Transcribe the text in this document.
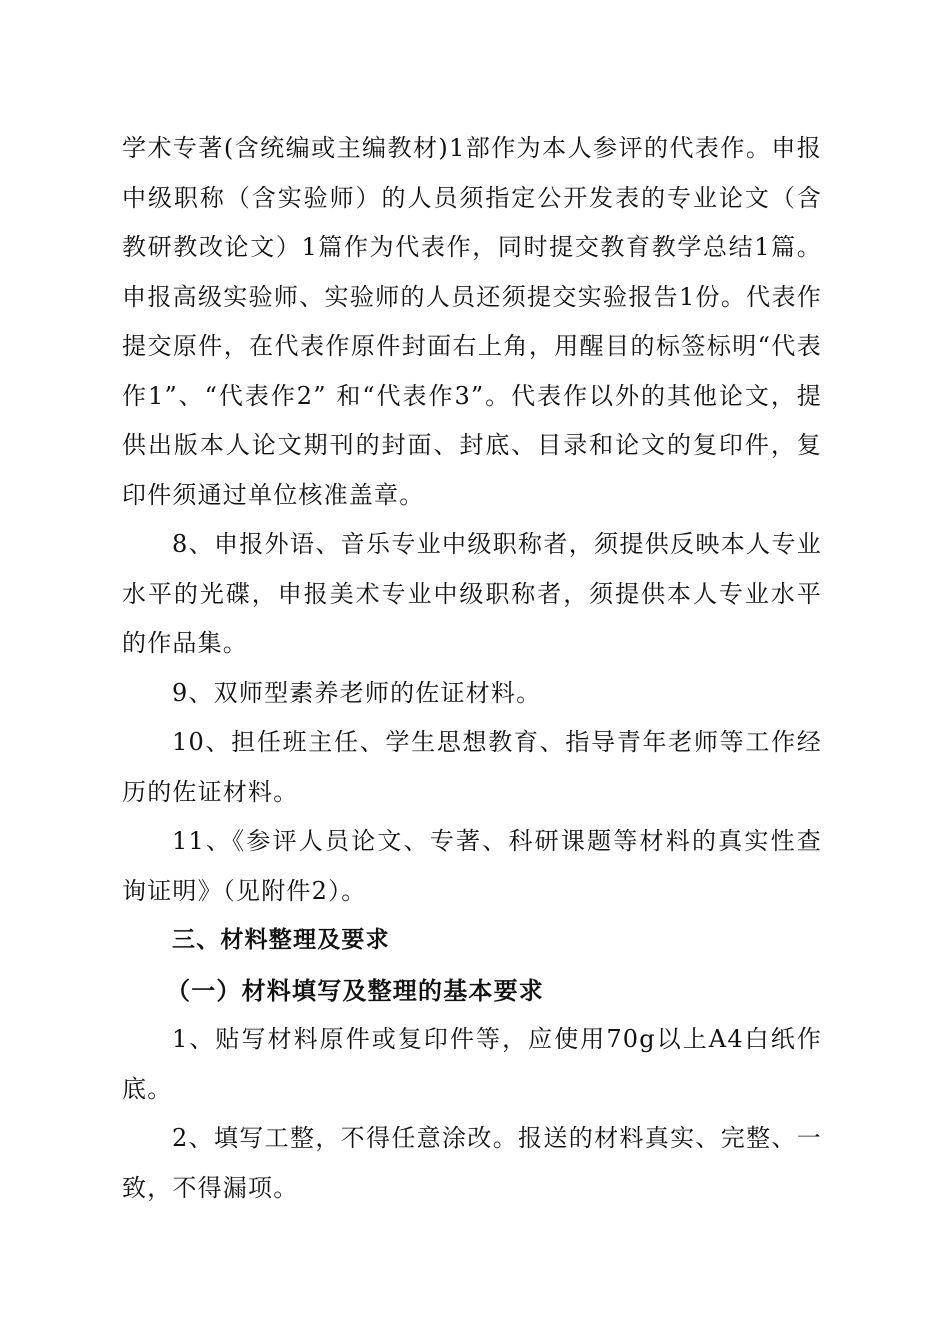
学术专著(含统编或主编教材)1部作为本人参评的代表作。申报中级职称（含实验师）的人员须指定公开发表的专业论文（含教研教改论文）1篇作为代表作，同时提交教育教学总结1篇。申报高级实验师、实验师的人员还须提交实验报告1份。代表作提交原件，在代表作原件封面右上角，用醒目的标签标明“代表作1”、“代表作2” 和“代表作3”。代表作以外的其他论文，提供出版本人论文期刊的封面、封底、目录和论文的复印件，复印件须通过单位核准盖章。

8、申报外语、音乐专业中级职称者，须提供反映本人专业水平的光碟，申报美术专业中级职称者，须提供本人专业水平的作品集。

9、双师型素养老师的佐证材料。

10、担任班主任、学生思想教育、指导青年老师等工作经历的佐证材料。

11、《参评人员论文、专著、科研课题等材料的真实性查询证明》（见附件2）。

三、材料整理及要求

（一）材料填写及整理的基本要求

1、贴写材料原件或复印件等，应使用70g以上A4白纸作底。

2、填写工整，不得任意涂改。报送的材料真实、完整、一致，不得漏项。
